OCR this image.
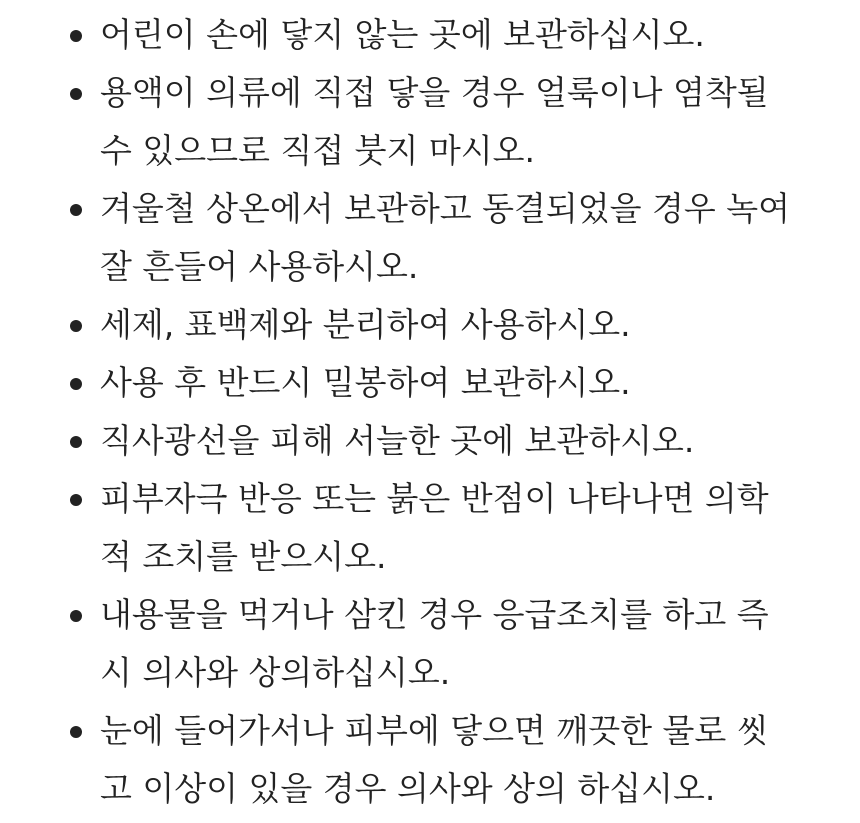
어린이 손에 닿지 않는 곳에 보관하십시오.
용액이 의류에 직접 닿을 경우 얼룩이나 염착될 수 있으므로 직접 붓지 마시오.
겨울철 상온에서 보관하고 동결되었을 경우 녹여 잘 흔들어 사용하시오.
세제, 표백제와 분리하여 사용하시오.
사용 후 반드시 밀봉하여 보관하시오.
직사광선을 피해 서늘한 곳에 보관하시오.
피부자극 반응 또는 붉은 반점이 나타나면 의학적 조치를 받으시오.
내용물을 먹거나 삼킨 경우 응급조치를 하고 즉시 의사와 상의하십시오.
눈에 들어가서나 피부에 닿으면 깨끗한 물로 씻고 이상이 있을 경우 의사와 상의 하십시오.
